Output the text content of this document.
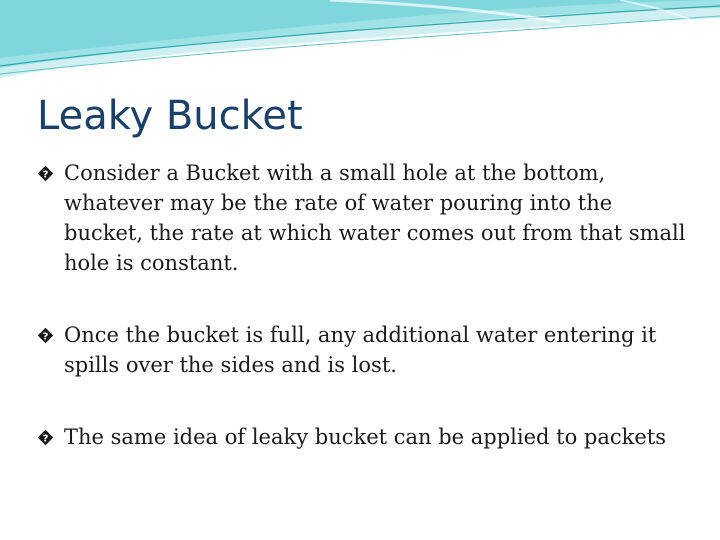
Leaky Bucket
? Consider a Bucket with a small hole at the bottom, whatever may be the rate of water pouring into the bucket, the rate at which water comes out from that small hole is constant.
? Once the bucket is full, any additional water entering it spills over the sides and is lost.
? The same idea of leaky bucket can be applied to packets
